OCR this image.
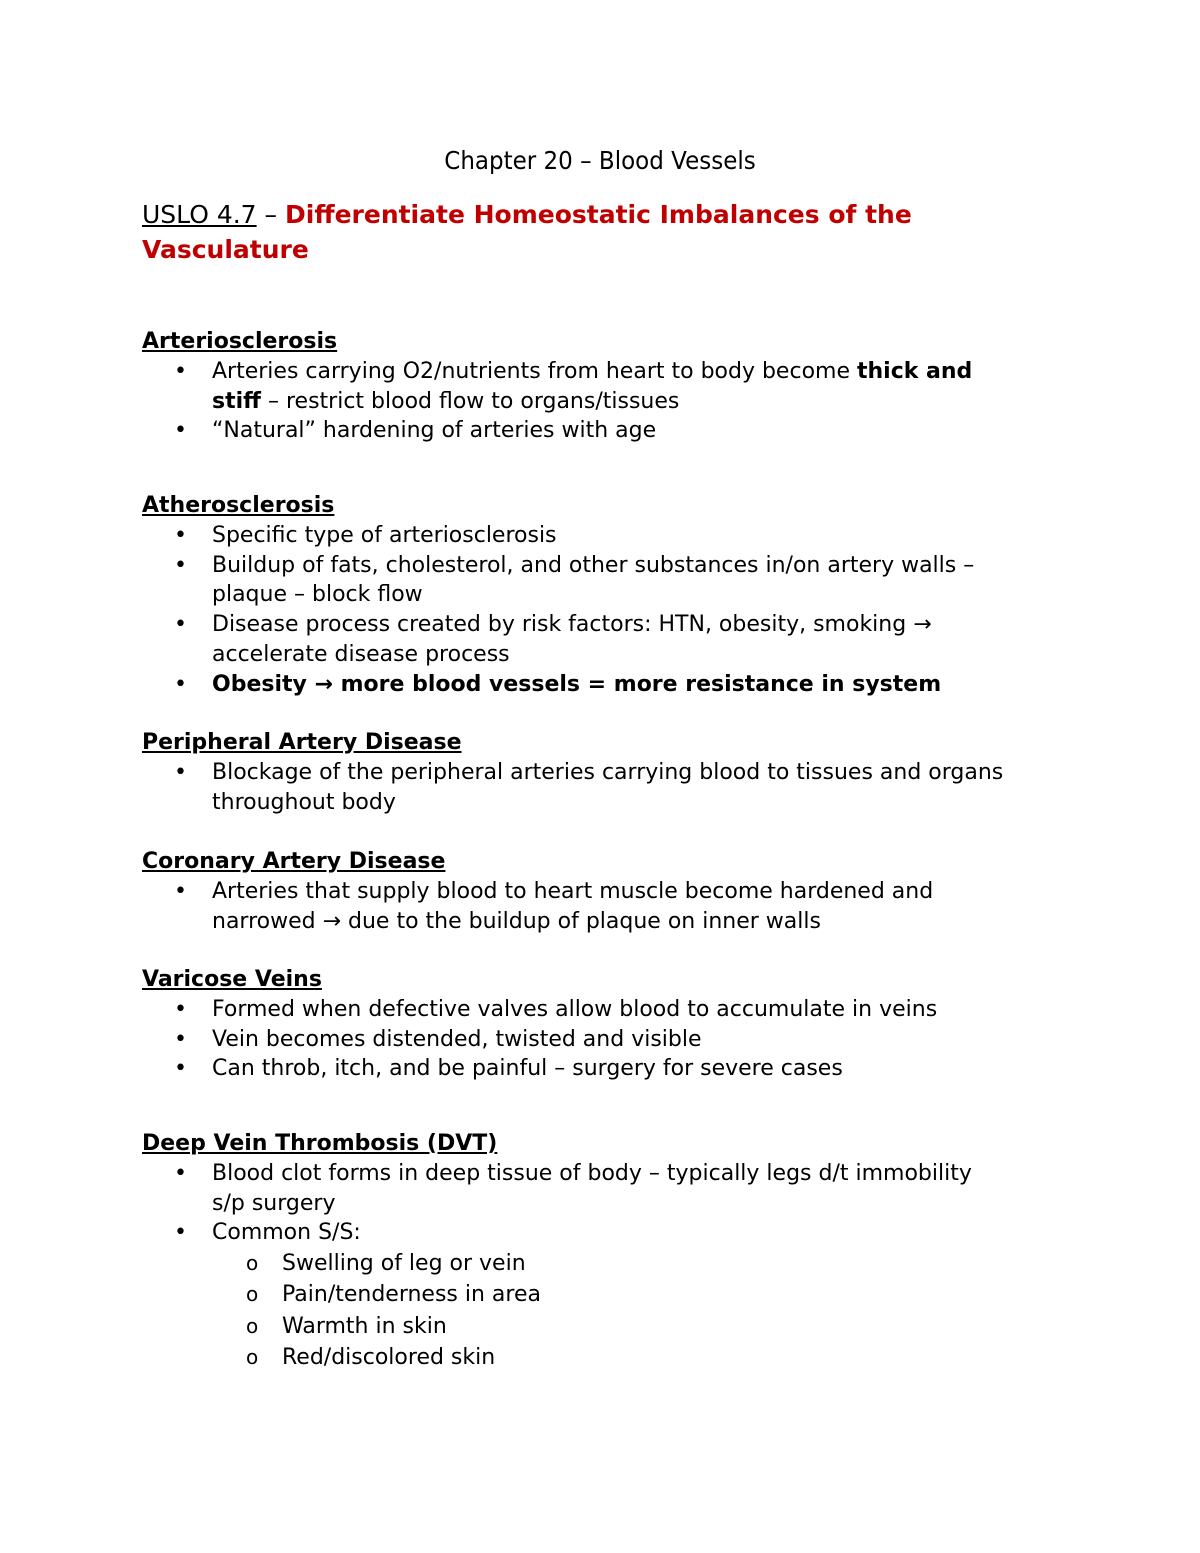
Chapter 20 – Blood Vessels
USLO 4.7 – Differentiate Homeostatic Imbalances of the
Vasculature

Arteriosclerosis

• Arteries carrying O2/nutrients from heart to body become thick and
stiff – restrict blood flow to organs/tissues
• “Natural” hardening of arteries with age

Atherosclerosis

• Specific type of arteriosclerosis
• Buildup of fats, cholesterol, and other substances in/on artery walls –
plaque – block flow
• Disease process created by risk factors: HTN, obesity, smoking →
accelerate disease process
• Obesity → more blood vessels = more resistance in system

Peripheral Artery Disease

• Blockage of the peripheral arteries carrying blood to tissues and organs
throughout body

Coronary Artery Disease

• Arteries that supply blood to heart muscle become hardened and
narrowed → due to the buildup of plaque on inner walls

Varicose Veins

• Formed when defective valves allow blood to accumulate in veins
• Vein becomes distended, twisted and visible
• Can throb, itch, and be painful – surgery for severe cases

Deep Vein Thrombosis (DVT)

• Blood clot forms in deep tissue of body – typically legs d/t immobility
s/p surgery
• Common S/S:
o Swelling of leg or vein
o Pain/tenderness in area
o Warmth in skin
o Red/discolored skin
